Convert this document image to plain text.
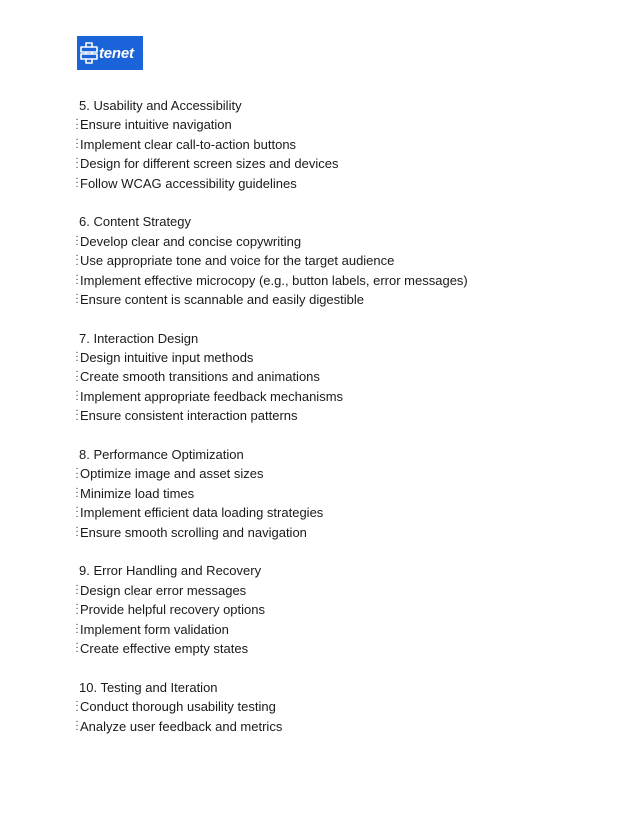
tenet
5. Usability and Accessibility
•
•
• Ensure intuitive navigation
•
•
• Implement clear call-to-action buttons
•
•
• Design for different screen sizes and devices
•
•
• Follow WCAG accessibility guidelines
6. Content Strategy
•
•
• Develop clear and concise copywriting
•
•
• Use appropriate tone and voice for the target audience
•
•
• Implement effective microcopy (e.g., button labels, error messages)
•
•
• Ensure content is scannable and easily digestible
7. Interaction Design
•
•
• Design intuitive input methods
•
•
• Create smooth transitions and animations
•
•
• Implement appropriate feedback mechanisms
•
•
• Ensure consistent interaction patterns
8. Performance Optimization
•
•
• Optimize image and asset sizes
•
•
• Minimize load times
•
•
• Implement efficient data loading strategies
•
•
• Ensure smooth scrolling and navigation
9. Error Handling and Recovery
•
•
• Design clear error messages
•
•
• Provide helpful recovery options
•
•
• Implement form validation
•
•
• Create effective empty states
10. Testing and Iteration
•
•
• Conduct thorough usability testing
•
•
• Analyze user feedback and metrics
